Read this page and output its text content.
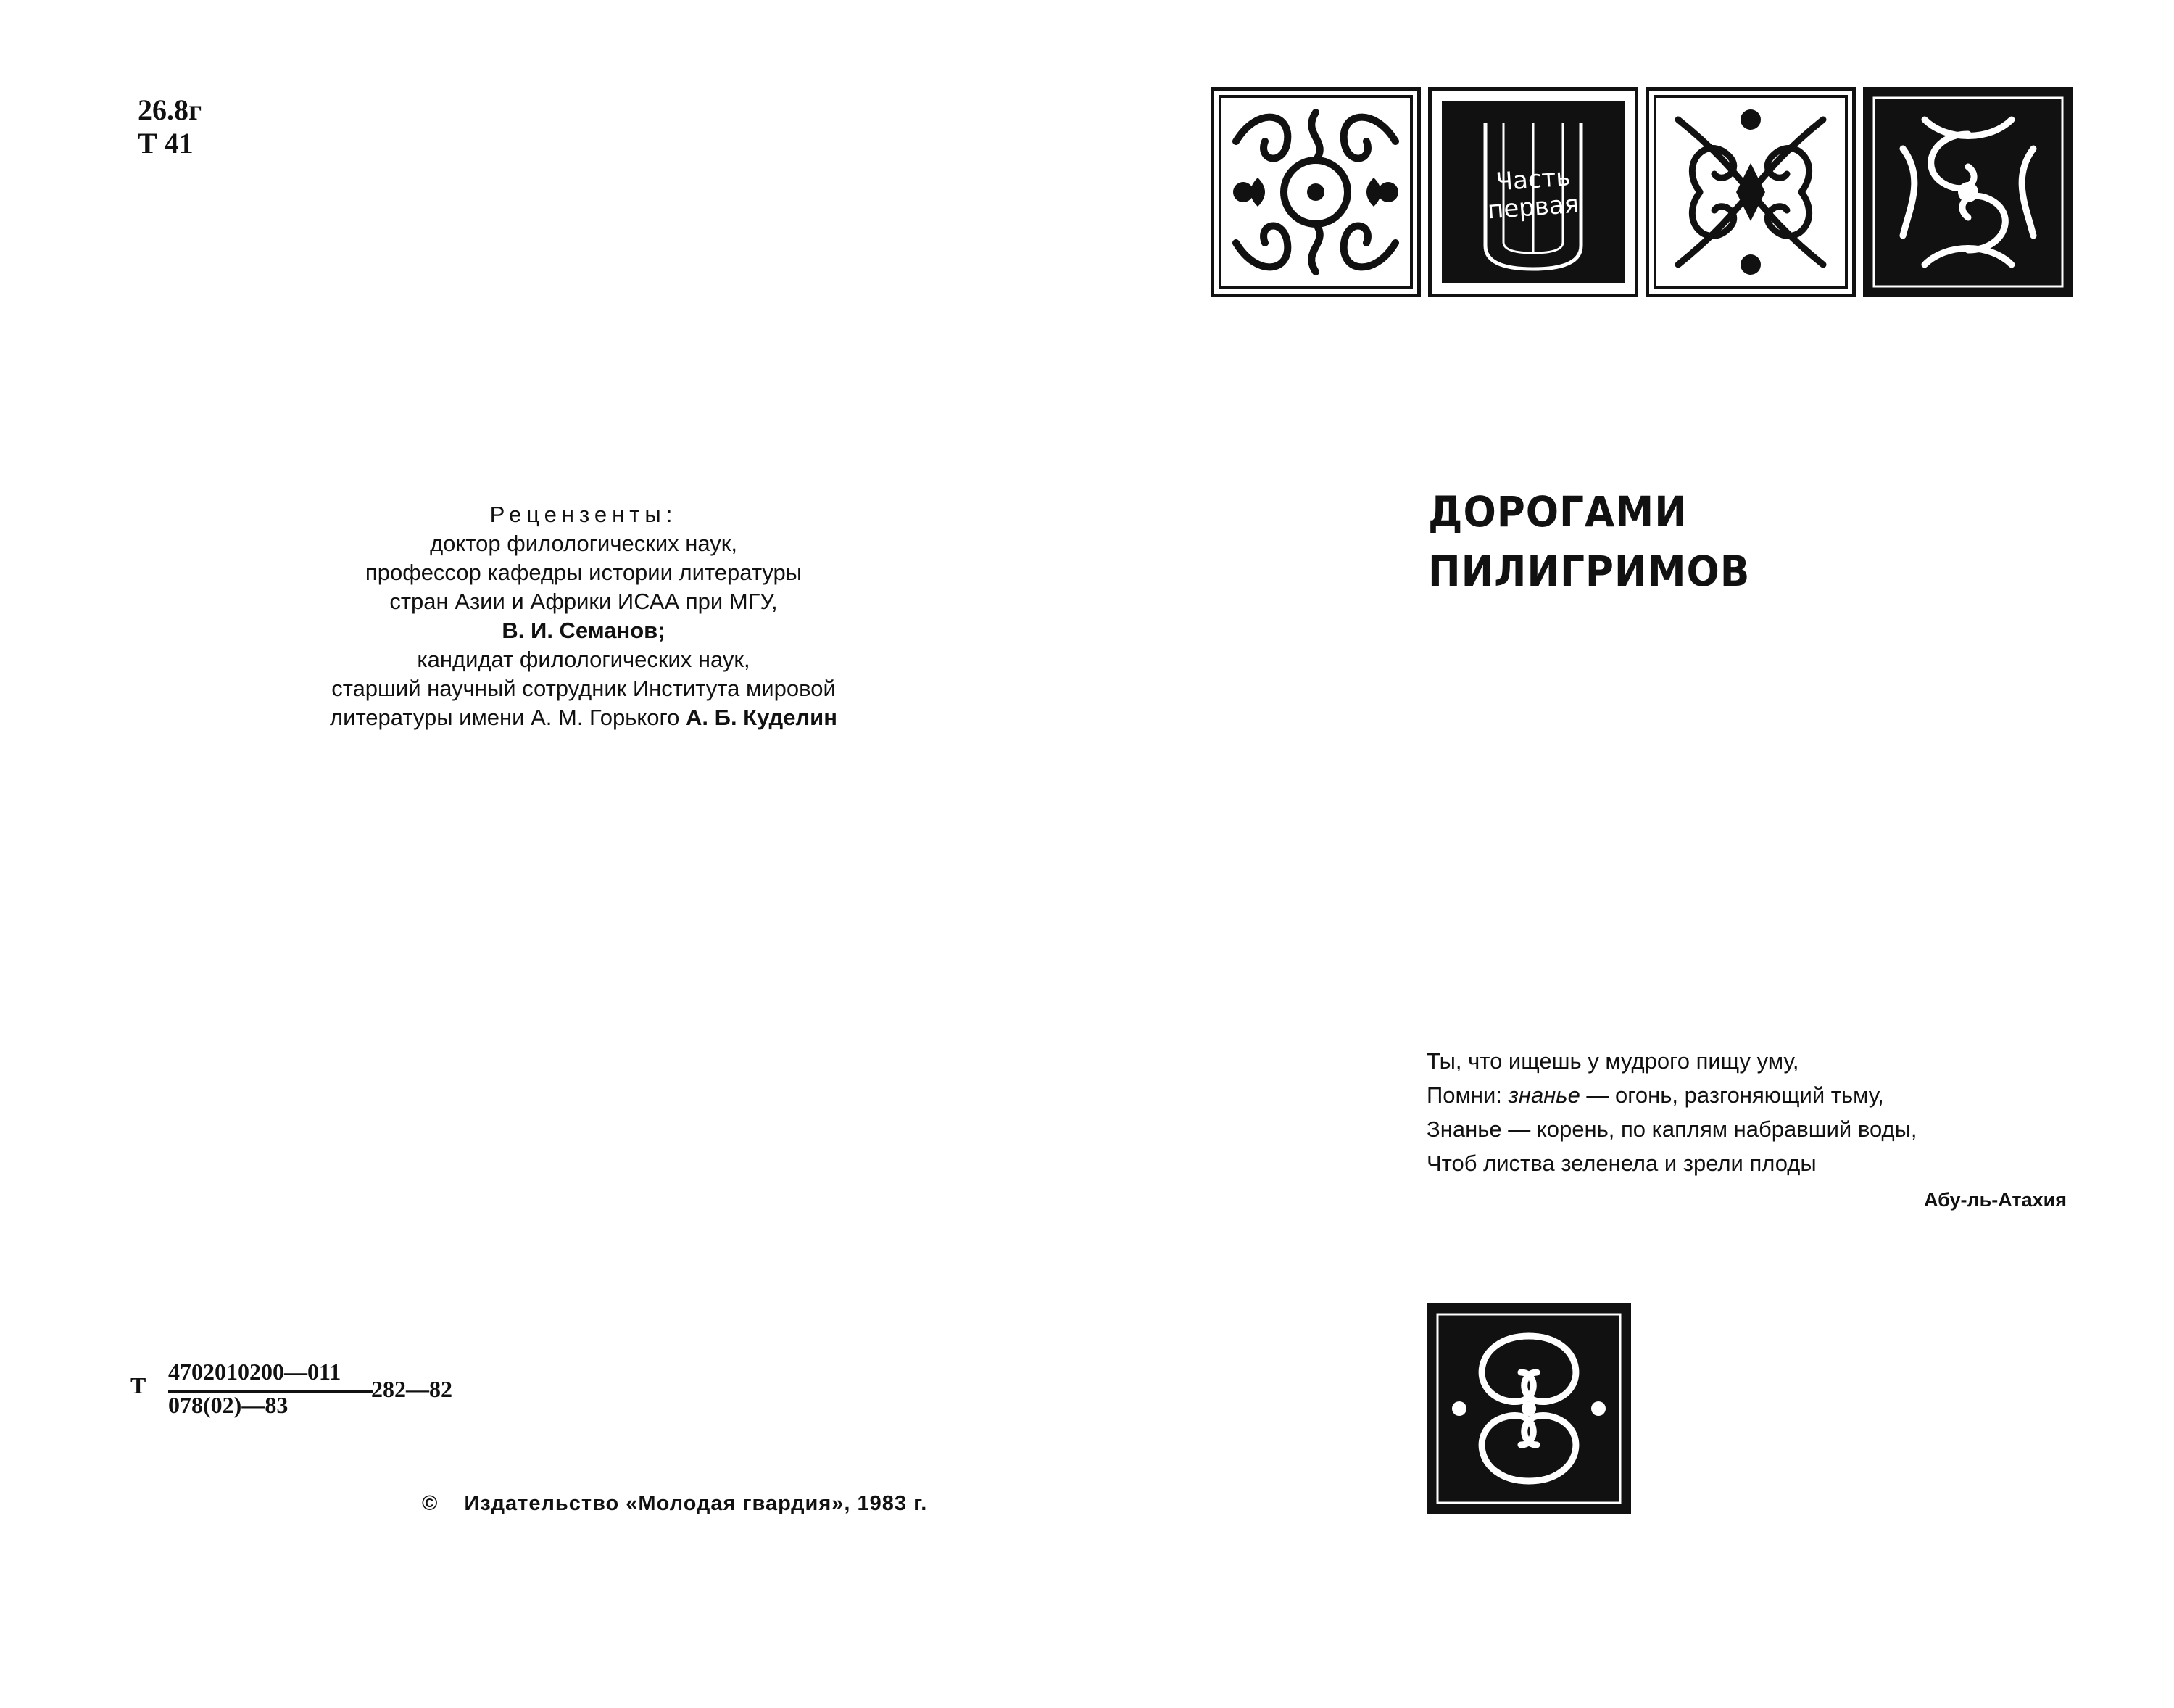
26.8г
Т 41
Рецензенты:
доктор филологических наук,
профессор кафедры истории литературы
стран Азии и Африки ИСАА при МГУ,
В. И. Семанов;
кандидат филологических наук,
старший научный сотрудник Института мировой
литературы имени А. М. Горького А. Б. Куделин
Т
4702010200—011
078(02)—83
282—82
© Издательство «Молодая гвардия», 1983 г.
Часть
первая
ДОРОГАМИ
ПИЛИГРИМОВ
Ты, что ищешь у мудрого пищу уму,
Помни: знанье — огонь, разгоняющий тьму,
Знанье — корень, по каплям набравший воды,
Чтоб листва зеленела и зрели плоды
Абу-ль-Атахия
